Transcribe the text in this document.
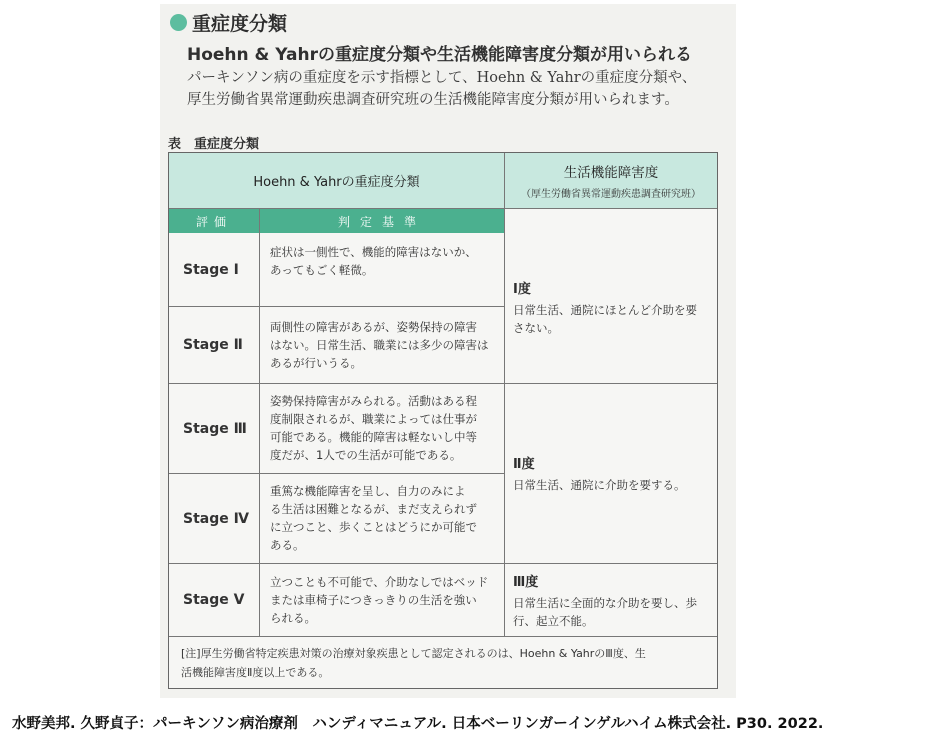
重症度分類
Hoehn & Yahrの重症度分類や生活機能障害度分類が用いられる
パーキンソン病の重症度を示す指標として、Hoehn & Yahrの重症度分類や、
厚生労働省異常運動疾患調査研究班の生活機能障害度分類が用いられます。
表　重症度分類
Hoehn & Yahrの重症度分類
生活機能障害度
（厚生労働省異常運動疾患調査研究班）
評価	判定基準
Stage Ⅰ
症状は一側性で、機能的障害はないか、
あってもごく軽微。
Stage Ⅱ
両側性の障害があるが、姿勢保持の障害
はない。日常生活、職業には多少の障害は
あるが行いうる。
Stage Ⅲ
姿勢保持障害がみられる。活動はある程
度制限されるが、職業によっては仕事が
可能である。機能的障害は軽ないし中等
度だが、1人での生活が可能である。
Stage Ⅳ
重篤な機能障害を呈し、自力のみによ
る生活は困難となるが、まだ支えられず
に立つこと、歩くことはどうにか可能で
ある。
Stage Ⅴ
立つことも不可能で、介助なしではベッド
または車椅子につきっきりの生活を強い
られる。
Ⅰ度
日常生活、通院にほとんど介助を要
さない。
Ⅱ度
日常生活、通院に介助を要する。
Ⅲ度
日常生活に全面的な介助を要し、歩
行、起立不能。
[注]厚生労働省特定疾患対策の治療対象疾患として認定されるのは、Hoehn & YahrのⅢ度、生
活機能障害度Ⅱ度以上である。
水野美邦. 久野貞子：パーキンソン病治療剤　ハンディマニュアル. 日本ベーリンガーインゲルハイム株式会社. P30. 2022.
